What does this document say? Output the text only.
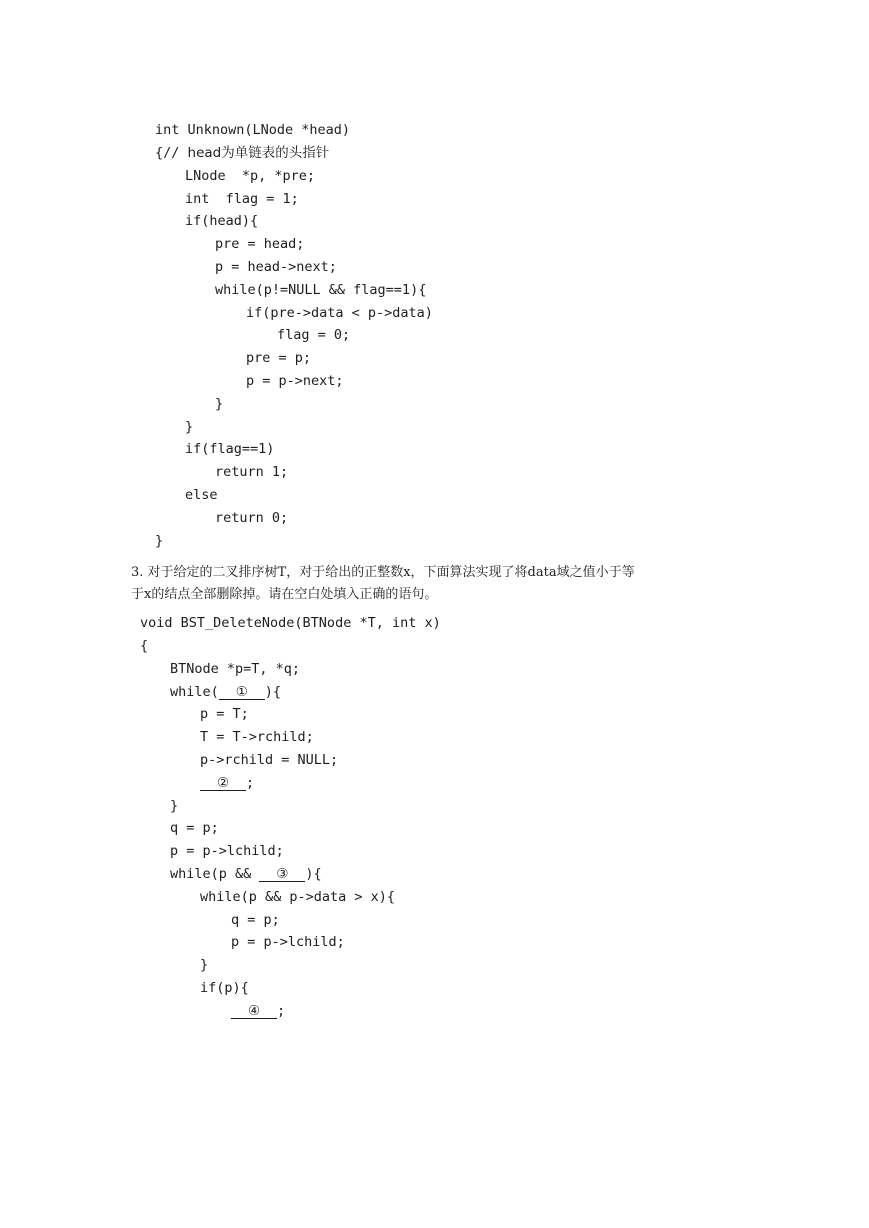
int Unknown(LNode *head)
{// head为单链表的头指针
LNode  *p, *pre;
int  flag = 1;
if(head){
pre = head;
p = head->next;
while(p!=NULL && flag==1){
if(pre->data < p->data)
flag = 0;
pre = p;
p = p->next;
}
}
if(flag==1)
return 1;
else
return 0;
}
3. 对于给定的二叉排序树T，对于给出的正整数x，下面算法实现了将data域之值小于等
于x的结点全部删除掉。请在空白处填入正确的语句。
void BST_DeleteNode(BTNode *T, int x)
{
BTNode *p=T, *q;
while( ① ){
p = T;
T = T->rchild;
p->rchild = NULL;
② ;
}
q = p;
p = p->lchild;
while(p && ③ ){
while(p && p->data > x){
q = p;
p = p->lchild;
}
if(p){
④ ;
